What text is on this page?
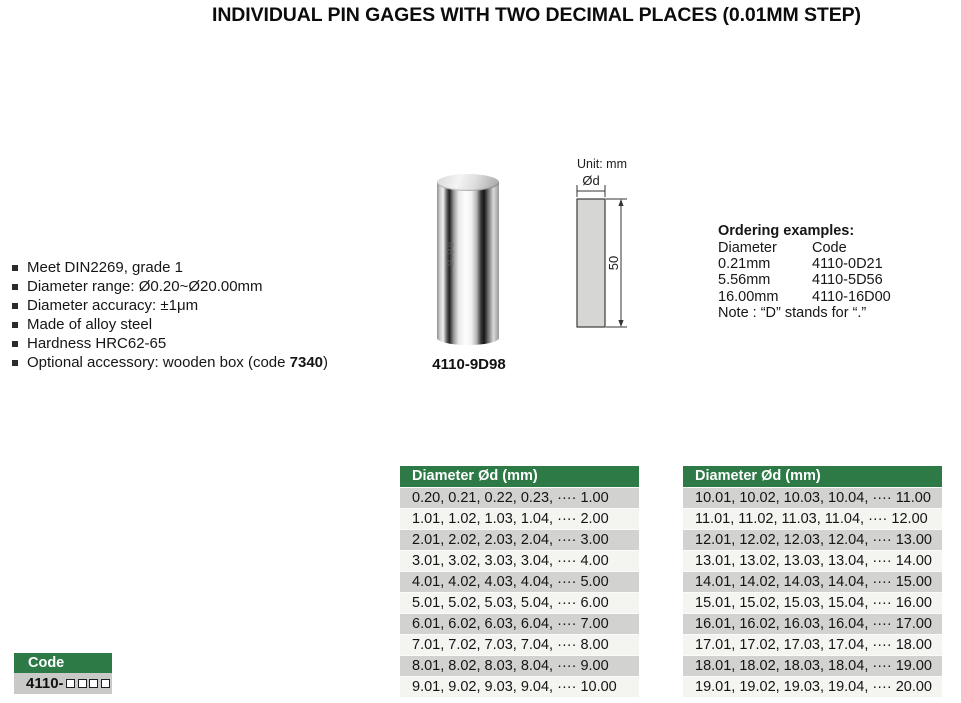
INDIVIDUAL PIN GAGES WITH TWO DECIMAL PLACES (0.01MM STEP)
Meet DIN2269, grade 1
Diameter range: Ø0.20~Ø20.00mm
Diameter accuracy: ±1μm
Made of alloy steel
Hardness HRC62-65
Optional accessory: wooden box (code 7340)
9.98
4110-9D98
Unit: mm
Ød
50
Ordering examples:
Diameter	Code
0.21mm	4110-0D21
5.56mm	4110-5D56
16.00mm	4110-16D00
Note : “D” stands for “.”
Diameter Ød (mm)
0.20, 0.21, 0.22, 0.23, ···· 1.00
1.01, 1.02, 1.03, 1.04, ···· 2.00
2.01, 2.02, 2.03, 2.04, ···· 3.00
3.01, 3.02, 3.03, 3.04, ···· 4.00
4.01, 4.02, 4.03, 4.04, ···· 5.00
5.01, 5.02, 5.03, 5.04, ···· 6.00
6.01, 6.02, 6.03, 6.04, ···· 7.00
7.01, 7.02, 7.03, 7.04, ···· 8.00
8.01, 8.02, 8.03, 8.04, ···· 9.00
9.01, 9.02, 9.03, 9.04, ···· 10.00
Diameter Ød (mm)
10.01, 10.02, 10.03, 10.04, ···· 11.00
11.01, 11.02, 11.03, 11.04, ···· 12.00
12.01, 12.02, 12.03, 12.04, ···· 13.00
13.01, 13.02, 13.03, 13.04, ···· 14.00
14.01, 14.02, 14.03, 14.04, ···· 15.00
15.01, 15.02, 15.03, 15.04, ···· 16.00
16.01, 16.02, 16.03, 16.04, ···· 17.00
17.01, 17.02, 17.03, 17.04, ···· 18.00
18.01, 18.02, 18.03, 18.04, ···· 19.00
19.01, 19.02, 19.03, 19.04, ···· 20.00
Code
4110-
